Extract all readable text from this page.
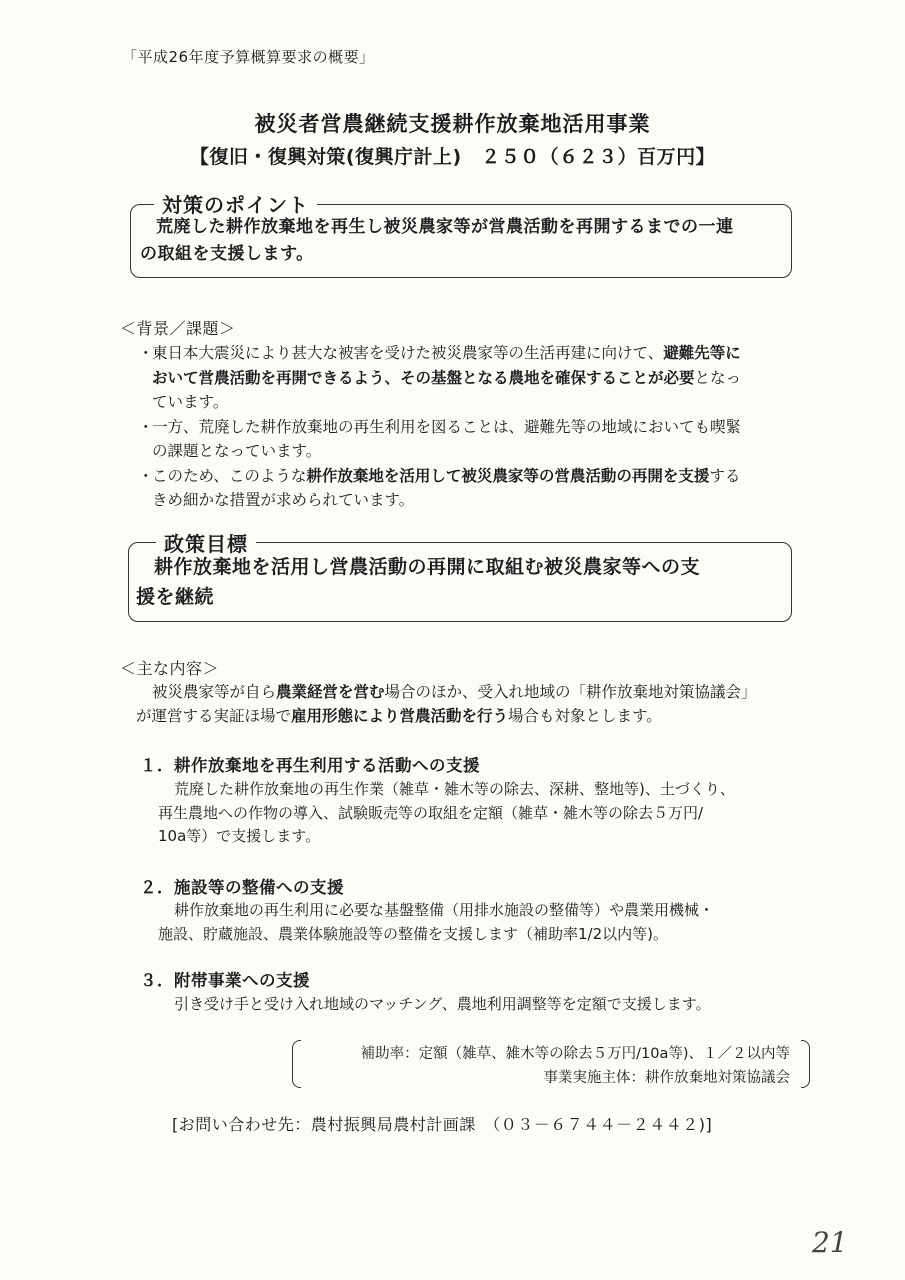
「平成26年度予算概算要求の概要」
被災者営農継続支援耕作放棄地活用事業
【復旧・復興対策(復興庁計上)　２５０（６２３）百万円】
対策のポイント
荒廃した耕作放棄地を再生し被災農家等が営農活動を再開するまでの一連
の取組を支援します。
＜背景／課題＞
・
東日本大震災により甚大な被害を受けた被災農家等の生活再建に向けて、避難先等に
おいて営農活動を再開できるよう、その基盤となる農地を確保することが必要となっ
ています。
・
一方、荒廃した耕作放棄地の再生利用を図ることは、避難先等の地域においても喫緊
の課題となっています。
・
このため、このような耕作放棄地を活用して被災農家等の営農活動の再開を支援する
きめ細かな措置が求められています。
政策目標
耕作放棄地を活用し営農活動の再開に取組む被災農家等への支
援を継続
＜主な内容＞
被災農家等が自ら農業経営を営む場合のほか、受入れ地域の「耕作放棄地対策協議会」
が運営する実証ほ場で雇用形態により営農活動を行う場合も対象とします。
１．耕作放棄地を再生利用する活動への支援
荒廃した耕作放棄地の再生作業（雑草・雑木等の除去、深耕、整地等)、土づくり、
再生農地への作物の導入、試験販売等の取組を定額（雑草・雑木等の除去５万円/
10a等）で支援します。
２．施設等の整備への支援
耕作放棄地の再生利用に必要な基盤整備（用排水施設の整備等）や農業用機械・
施設、貯蔵施設、農業体験施設等の整備を支援します（補助率1/2以内等)。
３．附帯事業への支援
引き受け手と受け入れ地域のマッチング、農地利用調整等を定額で支援します。
補助率：定額（雑草、雑木等の除去５万円/10a等)、１／２以内等
事業実施主体：耕作放棄地対策協議会
[お問い合わせ先：農村振興局農村計画課　（０３－６７４４－２４４２)]
21
